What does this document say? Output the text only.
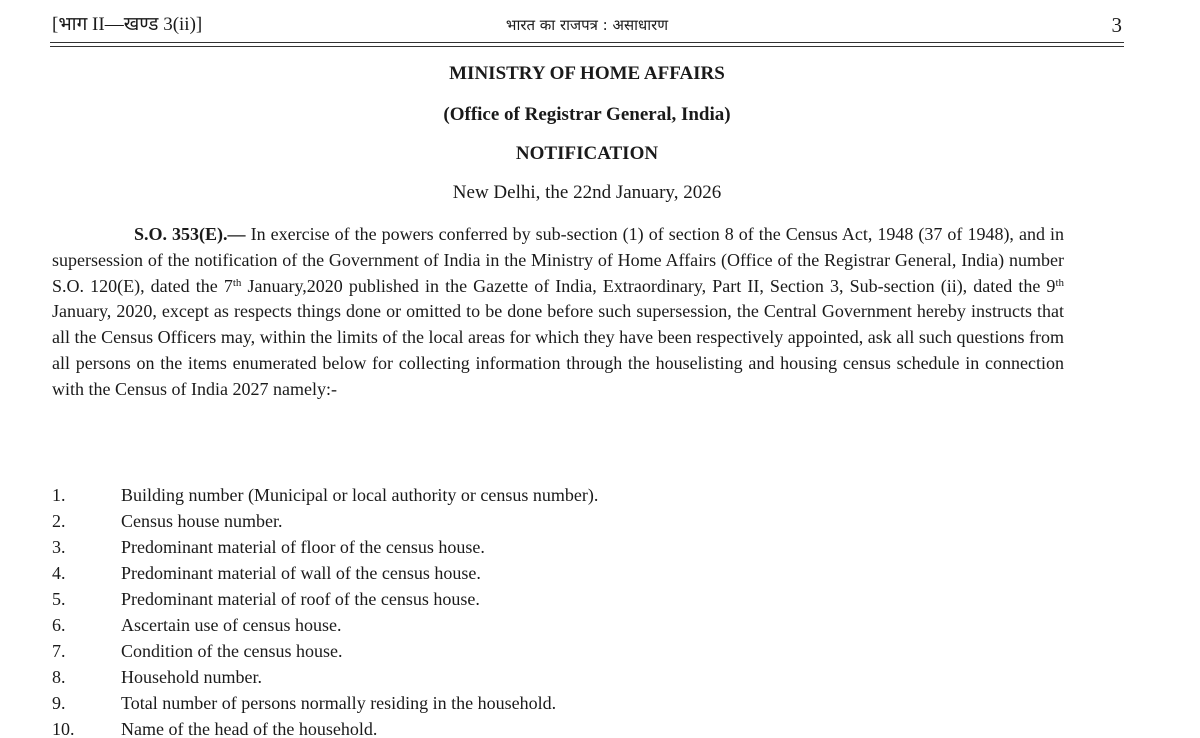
[भाग II—खण्ड 3(ii)]	भारत का राजपत्र : असाधारण	3
MINISTRY OF HOME AFFAIRS
(Office of Registrar General, India)
NOTIFICATION
New Delhi, the 22nd January, 2026

S.O. 353(E).— In exercise of the powers conferred by sub-section (1) of section 8 of the Census Act, 1948 (37 of 1948), and in supersession of the notification of the Government of India in the Ministry of Home Affairs (Office of the Registrar General, India) number S.O. 120(E), dated the 7th January,2020 published in the Gazette of India, Extraordinary, Part II, Section 3, Sub-section (ii), dated the 9th January, 2020, except as respects things done or omitted to be done before such supersession, the Central Government hereby instructs that all the Census Officers may, within the limits of the local areas for which they have been respectively appointed, ask all such questions from all persons on the items enumerated below for collecting information through the houselisting and housing census schedule in connection with the Census of India 2027 namely:-

1.	Building number (Municipal or local authority or census number).
2.	Census house number.
3.	Predominant material of floor of the census house.
4.	Predominant material of wall of the census house.
5.	Predominant material of roof of the census house.
6.	Ascertain use of census house.
7.	Condition of the census house.
8.	Household number.
9.	Total number of persons normally residing in the household.
10.	Name of the head of the household.
